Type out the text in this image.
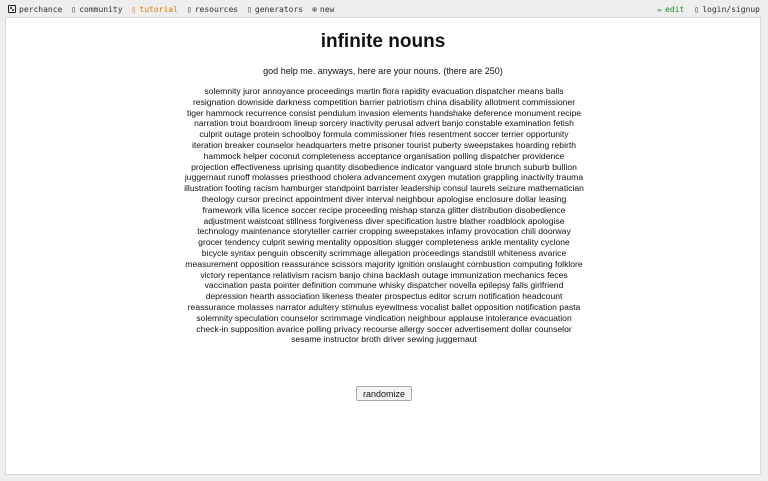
perchance ▯ community ▯ tutorial ▯ resources ▯ generators ⊕ new	✏ edit ▯ login/signup
infinite nouns
god help me. anyways, here are your nouns. (there are 250)
solemnity juror annoyance proceedings martin flora rapidity evacuation dispatcher means balls resignation downside darkness competition barrier patriotism china disability allotment commissioner tiger hammock recurrence consist pendulum invasion elements handshake deference monument recipe narration trout boardroom lineup sorcery inactivity perusal advert banjo constable examination fetish culprit outage protein schoolboy formula commissioner fries resentment soccer terrier opportunity iteration breaker counselor headquarters metre prisoner tourist puberty sweepstakes hoarding rebirth hammock helper coconut completeness acceptance organisation polling dispatcher providence projection effectiveness uprising quantity disobedience indicator vanguard stole brunch suburb bullion juggernaut runoff molasses priesthood cholera advancement oxygen mutation grappling inactivity trauma illustration footing racism hamburger standpoint barrister leadership consul laurels seizure mathematician theology cursor precinct appointment diver interval neighbour apologise enclosure dollar leasing framework villa licence soccer recipe proceeding mishap stanza glitter distribution disobedience adjustment waistcoat stillness forgiveness diver specification lustre blather roadblock apologise technology maintenance storyteller carrier cropping sweepstakes infamy provocation chili doorway grocer tendency culprit sewing mentality opposition slugger completeness ankle mentality cyclone bicycle syntax penguin obscenity scrimmage allegation proceedings standstill whiteness avarice measurement opposition reassurance scissors majority ignition onslaught combustion computing folklore victory repentance relativism racism banjo china backlash outage immunization mechanics feces vaccination pasta pointer definition commune whisky dispatcher novella epilepsy falls girlfriend depression hearth association likeness theater prospectus editor scrum notification headcount reassurance molasses narrator adultery stimulus eyewitness vocalist ballet opposition notification pasta solemnity speculation counselor scrimmage vindication neighbour applause intolerance evacuation check-in supposition avarice polling privacy recourse allergy soccer advertisement dollar counselor sesame instructor broth driver sewing juggernaut
randomize
